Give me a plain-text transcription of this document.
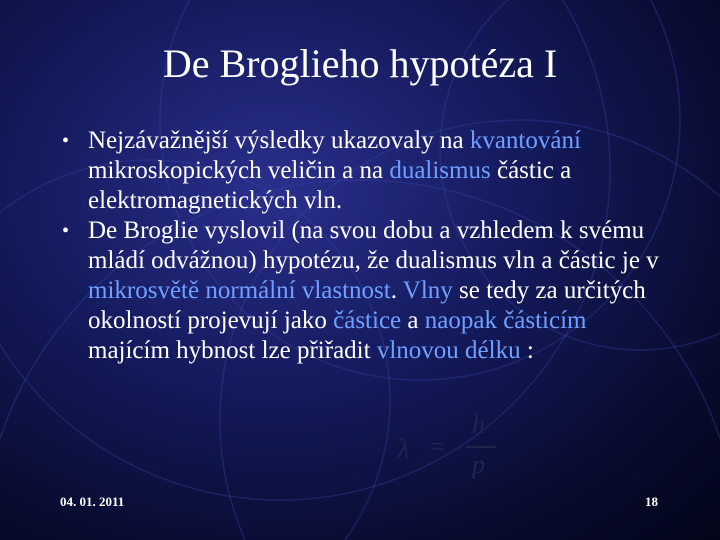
De Broglieho hypotéza I
• Nejzávažnější výsledky ukazovaly na kvantování mikroskopických veličin a na dualismus částic a elektromagnetických vln.
• De Broglie vyslovil (na svou dobu a vzhledem k svému mládí odvážnou) hypotézu, že dualismus vln a částic je v mikrosvětě normální vlastnost. Vlny se tedy za určitých okolností projevují jako částice a naopak částicím majícím hybnost lze přiřadit vlnovou délku :
λ =
h
p
04. 01. 2011	18
